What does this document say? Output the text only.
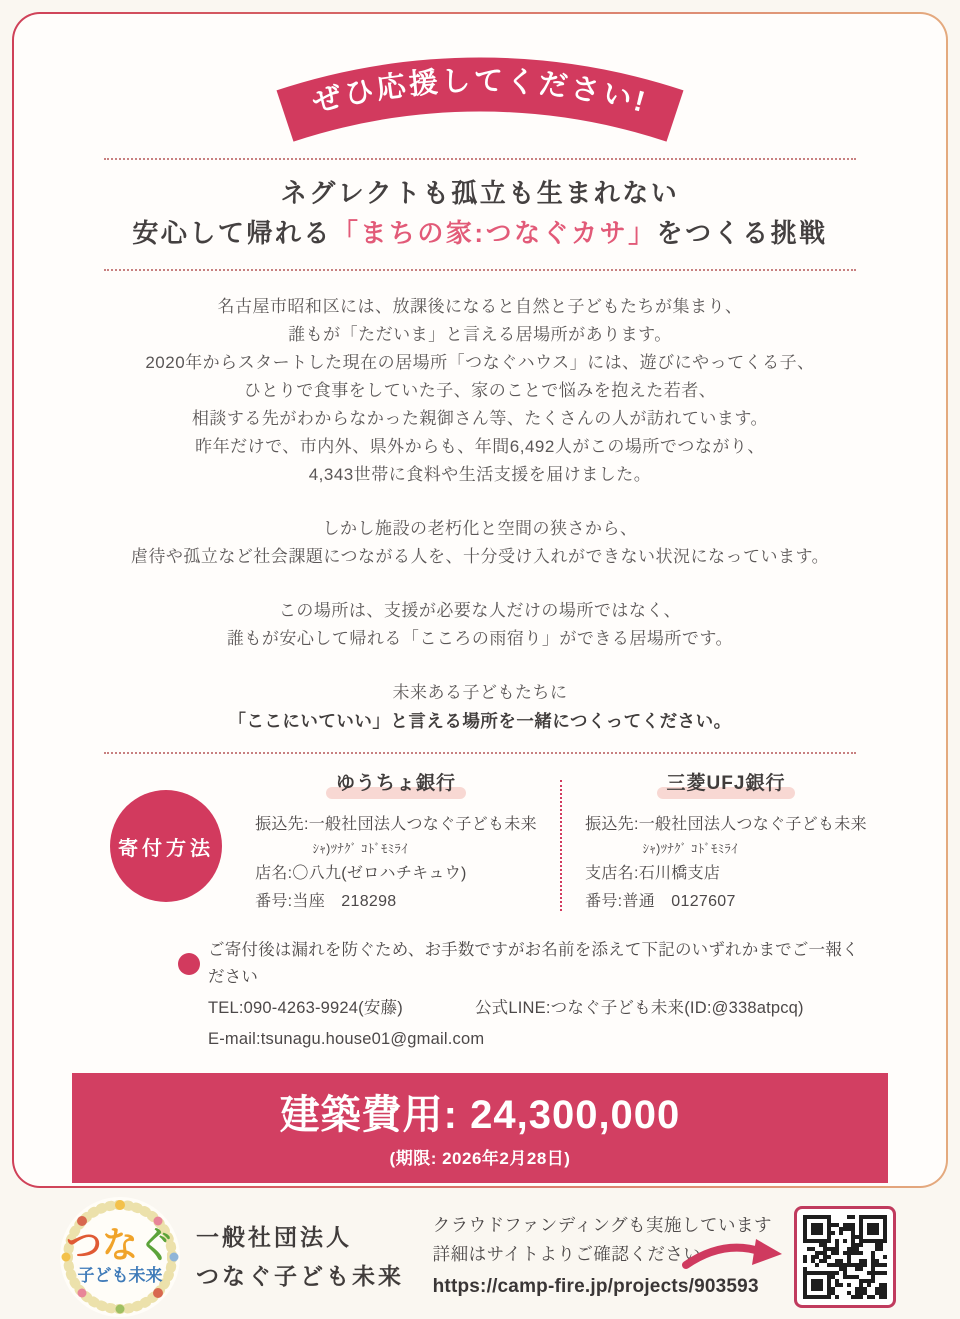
ぜひ応援してください!
ネグレクトも孤立も生まれない
安心して帰れる「まちの家:つなぐカサ」をつくる挑戦

名古屋市昭和区には、放課後になると自然と子どもたちが集まり、
誰もが「ただいま」と言える居場所があります。
2020年からスタートした現在の居場所「つなぐハウス」には、遊びにやってくる子、
ひとりで食事をしていた子、家のことで悩みを抱えた若者、
相談する先がわからなかった親御さん等、たくさんの人が訪れています。
昨年だけで、市内外、県外からも、年間6,492人がこの場所でつながり、
4,343世帯に食料や生活支援を届けました。

しかし施設の老朽化と空間の狭さから、
虐待や孤立など社会課題につながる人を、十分受け入れができない状況になっています。

この場所は、支援が必要な人だけの場所ではなく、
誰もが安心して帰れる「こころの雨宿り」ができる居場所です。

未来ある子どもたちに
「ここにいていい」と言える場所を一緒につくってください。

寄付方法
ゆうちょ銀行
振込先:一般社団法人つなぐ子ども未来
ｼｬ)ﾂﾅｸﾞ ｺﾄﾞﾓﾐﾗｲ
店名:〇八九(ゼロハチキュウ)
番号:当座　218298
三菱UFJ銀行
振込先:一般社団法人つなぐ子ども未来
ｼｬ)ﾂﾅｸﾞ ｺﾄﾞﾓﾐﾗｲ
支店名:石川橋支店
番号:普通　0127607
ご寄付後は漏れを防ぐため、お手数ですがお名前を添えて下記のいずれかまでご一報ください
TEL:090-4263-9924(安藤)	公式LINE:つなぐ子ども未来(ID:@338atpcq)
E-mail:tsunagu.house01@gmail.com
建築費用: 24,300,000
(期限: 2026年2月28日)
つなぐ
子ども未来
一般社団法人
つなぐ子ども未来
クラウドファンディングも実施しています
詳細はサイトよりご確認ください
https://camp-fire.jp/projects/903593
